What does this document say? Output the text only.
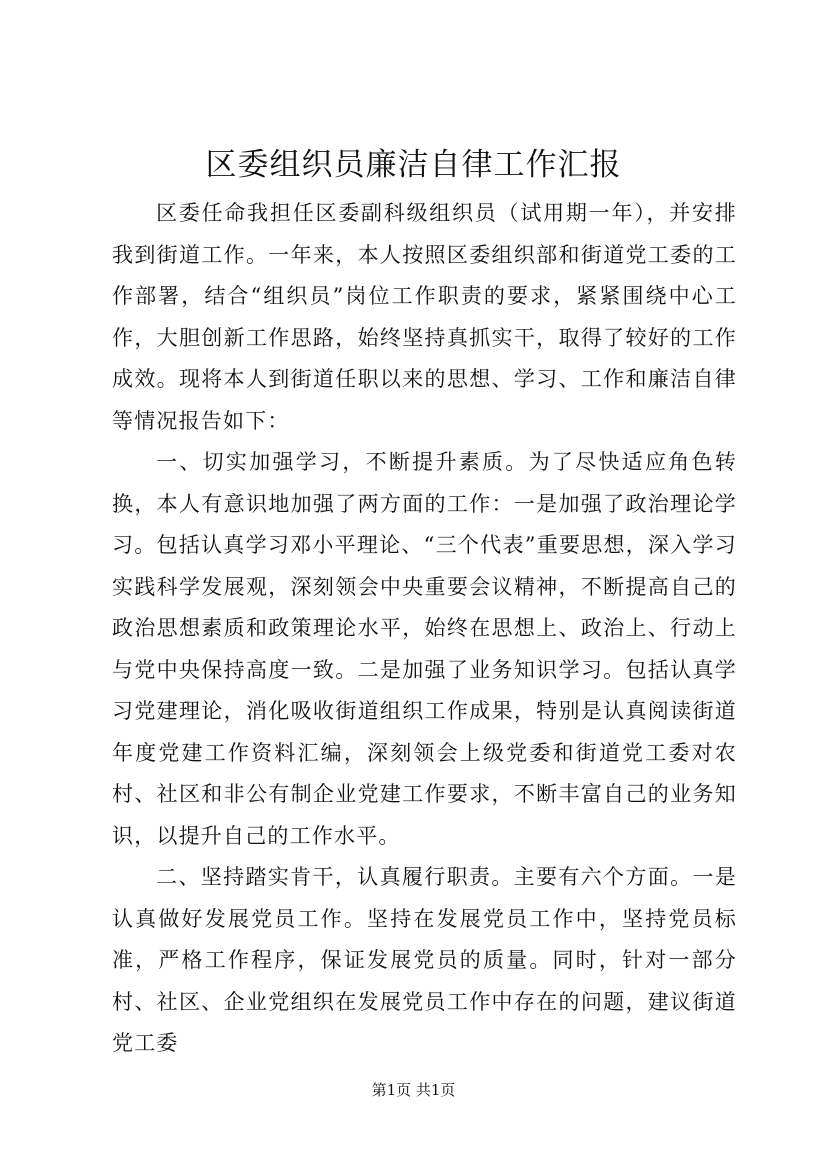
区委组织员廉洁自律工作汇报

区委任命我担任区委副科级组织员（试用期一年），并安排我到街道工作。一年来，本人按照区委组织部和街道党工委的工作部署，结合“组织员”岗位工作职责的要求，紧紧围绕中心工作，大胆创新工作思路，始终坚持真抓实干，取得了较好的工作成效。现将本人到街道任职以来的思想、学习、工作和廉洁自律等情况报告如下：

一、切实加强学习，不断提升素质。为了尽快适应角色转换，本人有意识地加强了两方面的工作：一是加强了政治理论学习。包括认真学习邓小平理论、“三个代表”重要思想，深入学习实践科学发展观，深刻领会中央重要会议精神，不断提高自己的政治思想素质和政策理论水平，始终在思想上、政治上、行动上与党中央保持高度一致。二是加强了业务知识学习。包括认真学习党建理论，消化吸收街道组织工作成果，特别是认真阅读街道年度党建工作资料汇编，深刻领会上级党委和街道党工委对农村、社区和非公有制企业党建工作要求，不断丰富自己的业务知识，以提升自己的工作水平。

二、坚持踏实肯干，认真履行职责。主要有六个方面。一是认真做好发展党员工作。坚持在发展党员工作中，坚持党员标准，严格工作程序，保证发展党员的质量。同时，针对一部分村、社区、企业党组织在发展党员工作中存在的问题，建议街道党工委

第1页 共1页
